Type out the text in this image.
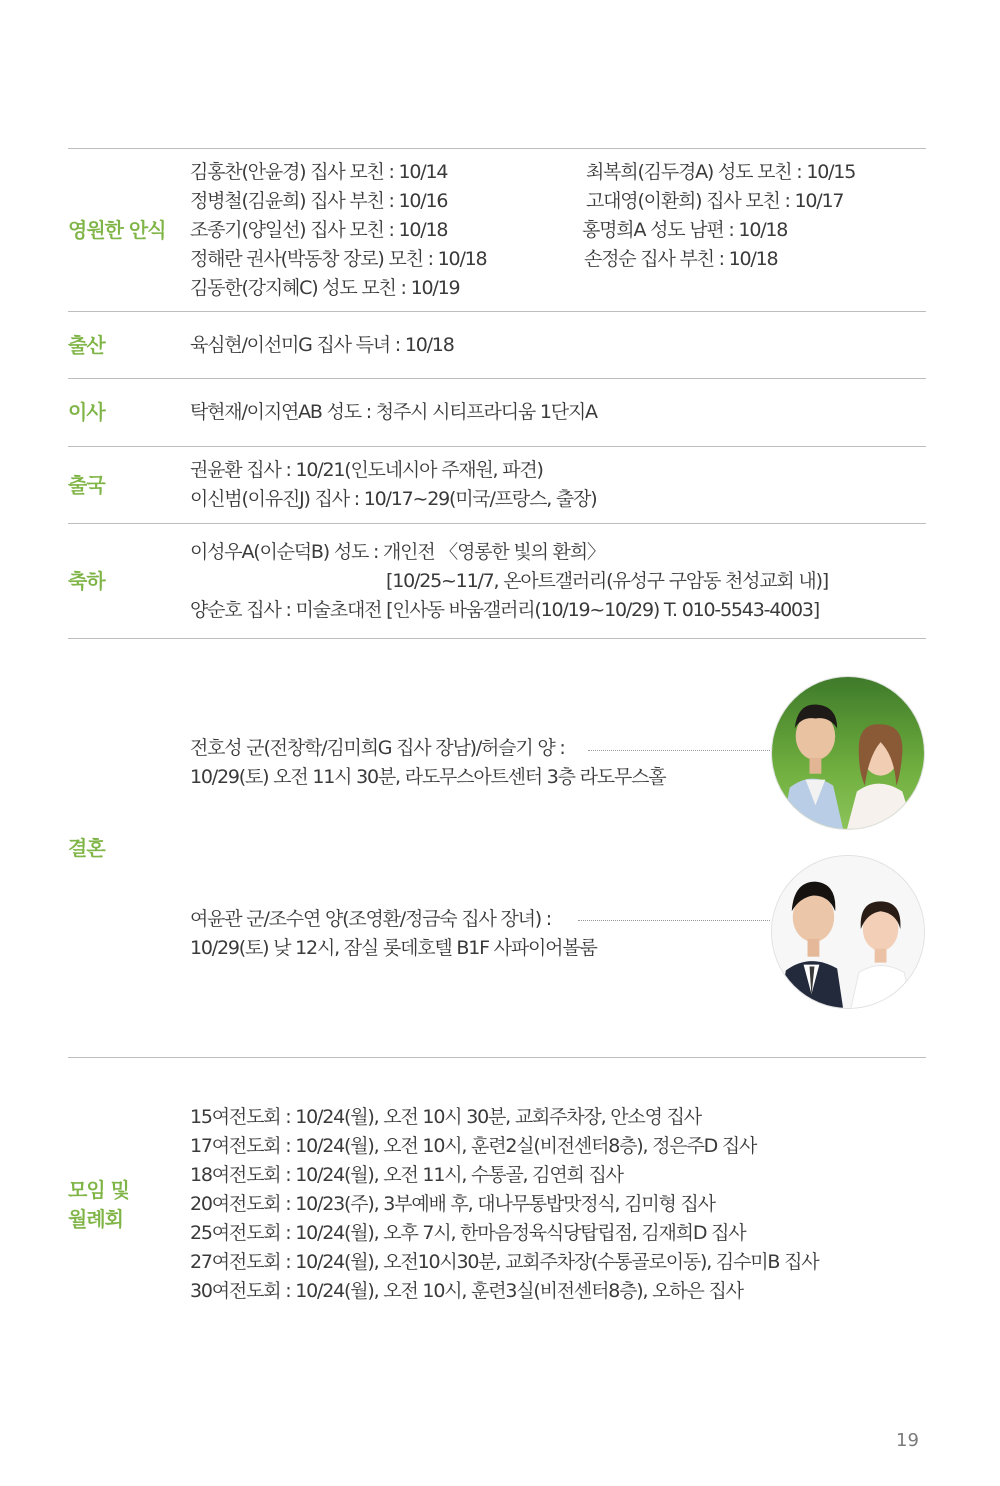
영원한 안식
김홍찬(안윤경) 집사 모친 : 10/14
정병철(김윤희) 집사 부친 : 10/16
조종기(양일선) 집사 모친 : 10/18
정해란 권사(박동창 장로) 모친 : 10/18
김동한(강지혜C) 성도 모친 : 10/19
최복희(김두경A) 성도 모친 : 10/15
고대영(이환희) 집사 모친 : 10/17
홍명희A 성도 남편 : 10/18
손정순 집사 부친 : 10/18
출산	육심현/이선미G 집사 득녀 : 10/18
이사	탁현재/이지연AB 성도 : 청주시 시티프라디움 1단지A
출국
권윤환 집사 : 10/21(인도네시아 주재원, 파견)
이신범(이유진J) 집사 : 10/17~29(미국/프랑스, 출장)
축하
이성우A(이순덕B) 성도 : 개인전 〈영롱한 빛의 환희〉
[10/25~11/7, 온아트갤러리(유성구 구암동 천성교회 내)]
양순호 집사 : 미술초대전 [인사동 바움갤러리(10/19~10/29) T. 010-5543-4003]
결혼
전호성 군(전창학/김미희G 집사 장남)/허슬기 양 :
10/29(토) 오전 11시 30분, 라도무스아트센터 3층 라도무스홀
여윤관 군/조수연 양(조영환/정금숙 집사 장녀) :
10/29(토) 낮 12시, 잠실 롯데호텔 B1F 사파이어볼룸
모임 및
월례회
15여전도회 : 10/24(월), 오전 10시 30분, 교회주차장, 안소영 집사
17여전도회 : 10/24(월), 오전 10시, 훈련2실(비전센터8층), 정은주D 집사
18여전도회 : 10/24(월), 오전 11시, 수통골, 김연희 집사
20여전도회 : 10/23(주), 3부예배 후, 대나무통밥맛정식, 김미형 집사
25여전도회 : 10/24(월), 오후 7시, 한마음정육식당탑립점, 김재희D 집사
27여전도회 : 10/24(월), 오전10시30분, 교회주차장(수통골로이동), 김수미B 집사
30여전도회 : 10/24(월), 오전 10시, 훈련3실(비전센터8층), 오하은 집사
19
